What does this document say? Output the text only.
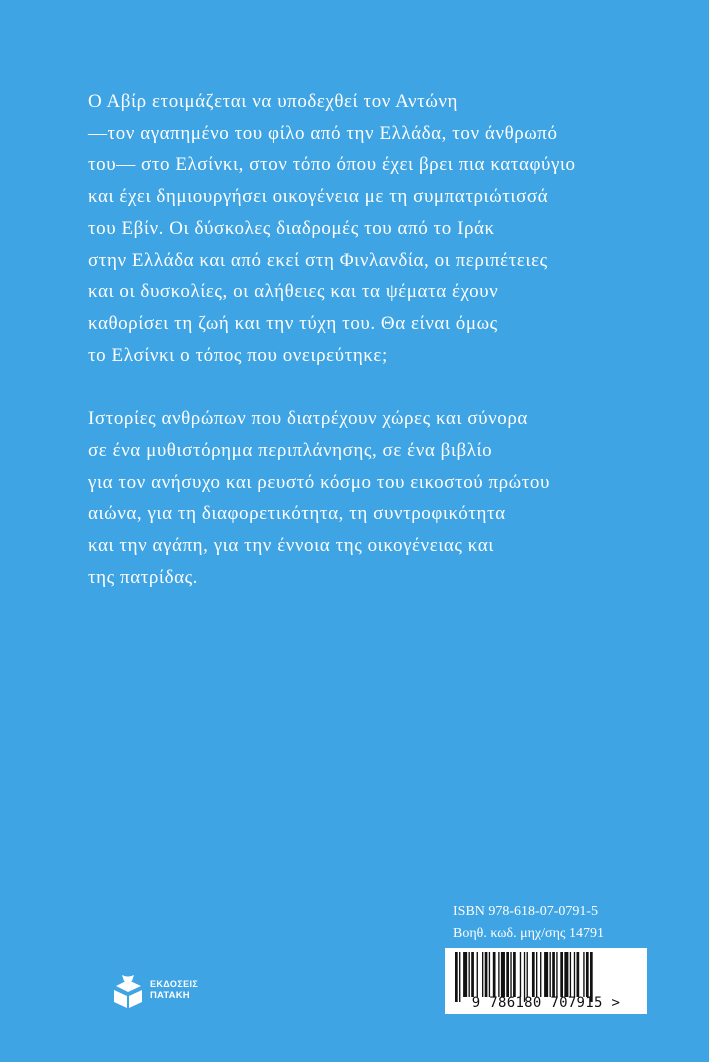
Ο Αβίρ ετοιμάζεται να υποδεχθεί τον Αντώνη
—τον αγαπημένο του φίλο από την Ελλάδα, τον άνθρωπό
του— στο Ελσίνκι, στον τόπο όπου έχει βρει πια καταφύγιο
και έχει δημιουργήσει οικογένεια με τη συμπατριώτισσά
του Εβίν. Οι δύσκολες διαδρομές του από το Ιράκ
στην Ελλάδα και από εκεί στη Φινλανδία, οι περιπέτειες
και οι δυσκολίες, οι αλήθειες και τα ψέματα έχουν
καθορίσει τη ζωή και την τύχη του. Θα είναι όμως
το Ελσίνκι ο τόπος που ονειρεύτηκε;

Ιστορίες ανθρώπων που διατρέχουν χώρες και σύνορα
σε ένα μυθιστόρημα περιπλάνησης, σε ένα βιβλίο
για τον ανήσυχο και ρευστό κόσμο του εικοστού πρώτου
αιώνα, για τη διαφορετικότητα, τη συντροφικότητα
και την αγάπη, για την έννοια της οικογένειας και
της πατρίδας.

ISBN 978-618-07-0791-5
Βοηθ. κωδ. μηχ/σης 14791
9 786180 707915 >
ΕΚΔΟΣΕΙΣ
ΠΑΤΑΚΗ
